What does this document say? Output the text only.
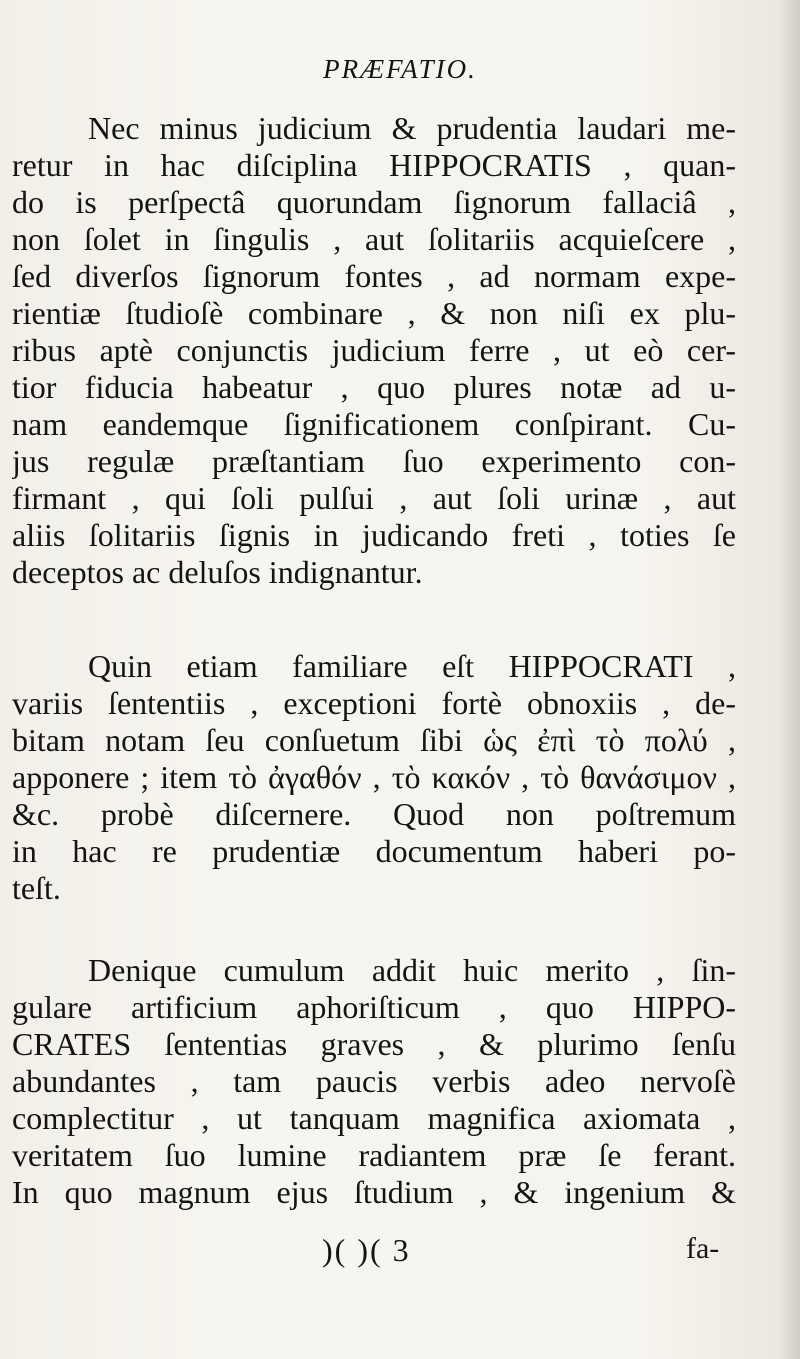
PRÆFATIO.
Nec minus judicium & prudentia laudari me-
retur in hac diſciplina HIPPOCRATIS , quan-
do is perſpectâ quorundam ſignorum fallaciâ ,
non ſolet in ſingulis , aut ſolitariis acquieſcere ,
ſed diverſos ſignorum fontes , ad normam expe-
rientiæ ſtudioſè combinare , & non niſi ex plu-
ribus aptè conjunctis judicium ferre , ut eò cer-
tior fiducia habeatur , quo plures notæ ad u-
nam eandemque ſignificationem conſpirant. Cu-
jus regulæ præſtantiam ſuo experimento con-
firmant , qui ſoli pulſui , aut ſoli urinæ , aut
aliis ſolitariis ſignis in judicando freti , toties ſe
deceptos ac deluſos indignantur.
Quin etiam familiare eſt HIPPOCRATI ,
variis ſententiis , exceptioni fortè obnoxiis , de-
bitam notam ſeu conſuetum ſibi ὡς ἐπὶ τὸ πολύ ,
apponere ; item τὸ ἀγαθόν , τὸ κακόν , τὸ θανάσιμον ,
&c. probè diſcernere. Quod non poſtremum
in hac re prudentiæ documentum haberi po-
teſt.
Denique cumulum addit huic merito , ſin-
gulare artificium aphoriſticum , quo HIPPO-
CRATES ſententias graves , & plurimo ſenſu
abundantes , tam paucis verbis adeo nervoſè
complectitur , ut tanquam magnifica axiomata ,
veritatem ſuo lumine radiantem præ ſe ferant.
In quo magnum ejus ſtudium , & ingenium &
)( )( 3	fa-
